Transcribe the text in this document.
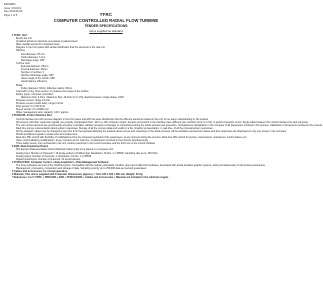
EMO0801
Issue: 2014/01
Rev 2014/01/16
Page 1 of 5	TFRC
COMPUTER CONTROLLED RADIAL FLOW TURBINE
TENDER SPECIFICATIONS
Items supplied as standard
1 TFRC. Unit:
Bench-top unit.
Anodized aluminum structure and panels in painted steel.
Main metallic elements in stainless steel.
Diagram in the front panel with similar distribution that the elements in the real unit.
Nozzles:
Inlet diameter: 25 mm.
Outlet diameter: 3 mm.
Discharge angle: 180°.
Turbine rotor:
External diameter: 66mm.
Internal diameter: 46mm.
Number of nozzles: 2.
Nozzles discharge angle: 180°.
Vanes angle of the nozzle: 180°.
Good balance efficiency.
Brake:
Pulley diameter: 60mm. Effective radius: 30mm.
Load with a 4 kg. force sensor, to measure the torque of the turbine.
Rotary pump, computer controlled:
Maximum flow: 3 l/min. Maximum flow: 19 l/min (2.4 m³/h). Electrical power: single phase, 220V.
Pressure sensor: range 0-6 bar.
Pressure sensor (outlet side): range 0-4 bar.
Flow sensor: 0 to 150 l/min.
Speed sensor: 0 to 20000 rpm.
Water management tank, capacity: 140 l. approx.
2 TFRC/CIB. Control Interface Box:
Control interface box with process diagram in the front panel and with the same distribution that the different elements located in the unit, for an easy understanding by the student.
All sensors, with their respective signals, are properly manipulated from -10V to +10V computer output. Sensors connectors in the interface have different pins numbers (from 2 to 16), to avoid connection errors. Single cable between the control interface box and computer.
The unit control elements are permanently computer controlled, without necessity of changes or connections during the whole process test procedure. Simultaneous visualization in the computer of all parameters involved in the process. Calibration of all sensors involved in the process.
Real time curves representation about system responses. Storage of all the process data and results in a file. Graphic representation, in real time, of all the process/system responses.
All the actuators' values can be changed at any time from the keyboard allowing the analysis about curves and responses of the whole process. All the actuators and sensors values and their responses are displayed on only one screen in the computer.
Shield and filtered signals to avoid external interferences.
Real time PID control with flexibility of modifications from the computer keyboard of the parameters, at any moment during the process. Real time PID control for pumps, compressors, resistances, control valves, etc.
Open control allowing modifications, at any moment and in real time, of parameters involved in the process simultaneously.
Three safety levels, one mechanical in the unit, another electronic in the control interface and the third one in the control software.
3 DAB. Data Acquisition Board:
PCI Express Data acquisition board (National Instruments) to be placed in a computer slot.
Analog input: Number of channels = 16 single-ended or 8 differential. Resolution: 16 bits, 1 in 65536. Sampling rate up to: 250 KS/s.
Analog output: Number of channels: 2. Resolution: 16 bits, 1 in 65536.
Digital Input/Output: Number of channels: 24 inputs/outputs.
4 TFRC/CCSOF. Computer Control + Data Acquisition + Data Management Software:
The three softwares are part of the SCADA system. Compatible with the industry standards. Flexible, open and multicontrol software, developed with actual windows graphic systems, acting simultaneously on all process parameters.
Management, processing, comparison and storage of data. Sampling velocity up to 250,000 data per second guaranteed.
5 Cables and Accessories, for normal operation.
6 Manuals: This unit is supplied with 8 manuals. Dimensions (approx.) = Unit: 640 x 500 x 500 mm. Weight: 50 Kg.
* References 1 to 6: TFRC + TFRC/CIB + DAB + TFRC/CCSOF + Cables and Accessories + Manuals are included in the minimum supply.
